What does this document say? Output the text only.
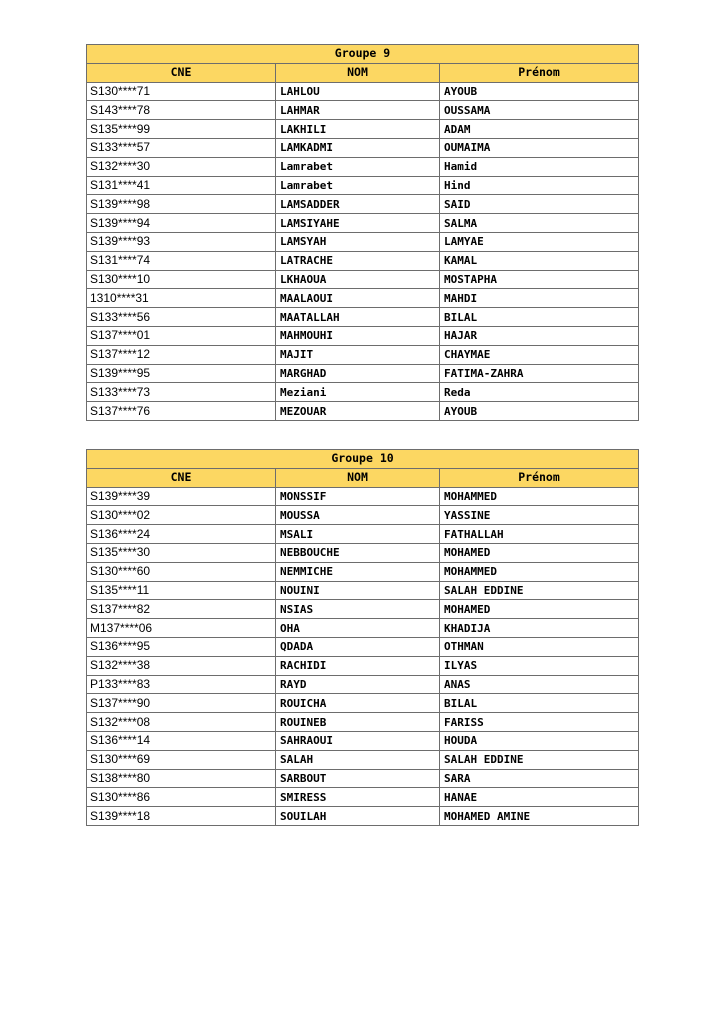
Groupe 9		
CNE	NOM	Prénom
S130****71	LAHLOU	AYOUB
S143****78	LAHMAR	OUSSAMA
S135****99	LAKHILI	ADAM
S133****57	LAMKADMI	OUMAIMA
S132****30	Lamrabet	Hamid
S131****41	Lamrabet	Hind
S139****98	LAMSADDER	SAID
S139****94	LAMSIYAHE	SALMA
S139****93	LAMSYAH	LAMYAE
S131****74	LATRACHE	KAMAL
S130****10	LKHAOUA	MOSTAPHA
1310****31	MAALAOUI	MAHDI
S133****56	MAATALLAH	BILAL
S137****01	MAHMOUHI	HAJAR
S137****12	MAJIT	CHAYMAE
S139****95	MARGHAD	FATIMA-ZAHRA
S133****73	Meziani	Reda
S137****76	MEZOUAR	AYOUB
Groupe 10		
CNE	NOM	Prénom
S139****39	MONSSIF	MOHAMMED
S130****02	MOUSSA	YASSINE
S136****24	MSALI	FATHALLAH
S135****30	NEBBOUCHE	MOHAMED
S130****60	NEMMICHE	MOHAMMED
S135****11	NOUINI	SALAH EDDINE
S137****82	NSIAS	MOHAMED
M137****06	OHA	KHADIJA
S136****95	QDADA	OTHMAN
S132****38	RACHIDI	ILYAS
P133****83	RAYD	ANAS
S137****90	ROUICHA	BILAL
S132****08	ROUINEB	FARISS
S136****14	SAHRAOUI	HOUDA
S130****69	SALAH	SALAH EDDINE
S138****80	SARBOUT	SARA
S130****86	SMIRESS	HANAE
S139****18	SOUILAH	MOHAMED AMINE
